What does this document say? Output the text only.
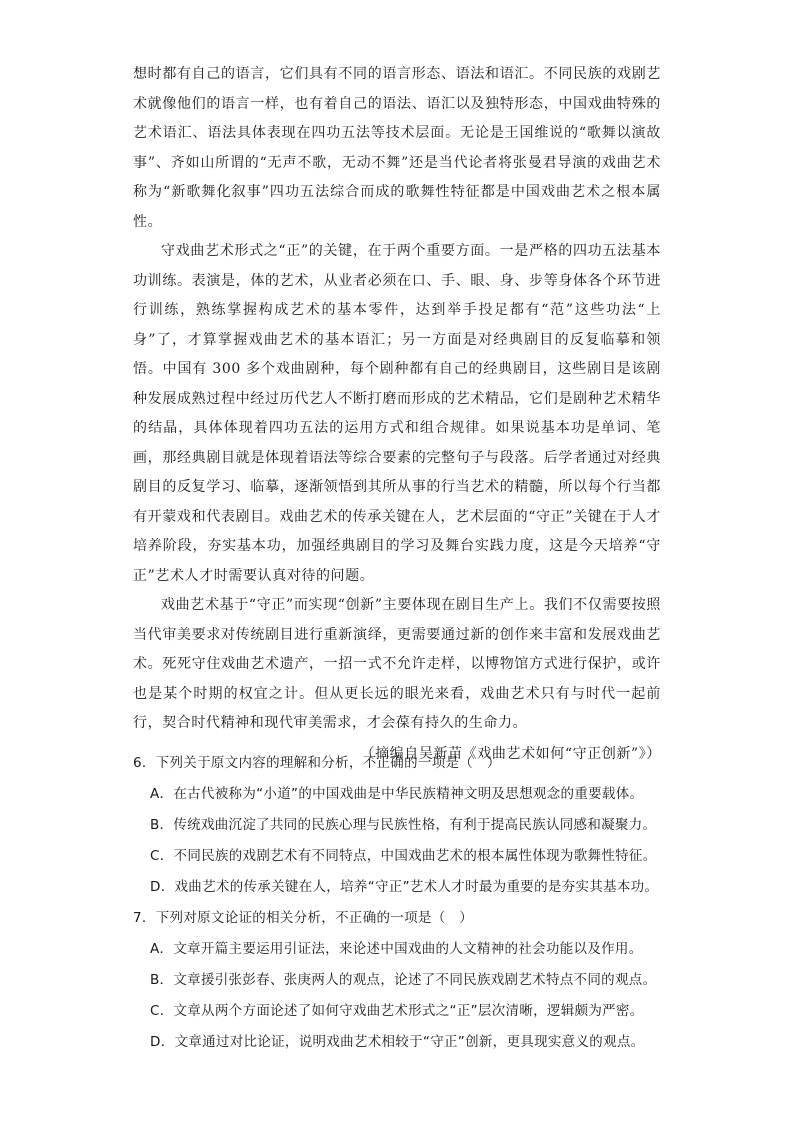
想时都有自己的语言，它们具有不同的语言形态、语法和语汇。不同民族的戏剧艺术就像他们的语言一样，也有着自己的语法、语汇以及独特形态，中国戏曲特殊的艺术语汇、语法具体表现在四功五法等技术层面。无论是王国维说的“歌舞以演故事”、齐如山所谓的“无声不歌，无动不舞”还是当代论者将张曼君导演的戏曲艺术称为“新歌舞化叙事”四功五法综合而成的歌舞性特征都是中国戏曲艺术之根本属性。

守戏曲艺术形式之“正”的关键，在于两个重要方面。一是严格的四功五法基本功训练。表演是，体的艺术，从业者必须在口、手、眼、身、步等身体各个环节进行训练，熟练掌握构成艺术的基本零件，达到举手投足都有“范”这些功法“上身”了，才算掌握戏曲艺术的基本语汇；另一方面是对经典剧目的反复临摹和领悟。中国有 300 多个戏曲剧种，每个剧种都有自己的经典剧目，这些剧目是该剧种发展成熟过程中经过历代艺人不断打磨而形成的艺术精品，它们是剧种艺术精华的结晶，具体体现着四功五法的运用方式和组合规律。如果说基本功是单词、笔画，那经典剧目就是体现着语法等综合要素的完整句子与段落。后学者通过对经典剧目的反复学习、临摹，逐渐领悟到其所从事的行当艺术的精髓，所以每个行当都有开蒙戏和代表剧目。戏曲艺术的传承关键在人，艺术层面的“守正”关键在于人才培养阶段，夯实基本功，加强经典剧目的学习及舞台实践力度，这是今天培养“守正”艺术人才时需要认真对待的问题。

戏曲艺术基于“守正”而实现“创新”主要体现在剧目生产上。我们不仅需要按照当代审美要求对传统剧目进行重新演绎，更需要通过新的创作来丰富和发展戏曲艺术。死死守住戏曲艺术遗产，一招一式不允许走样，以博物馆方式进行保护，或许也是某个时期的权宜之计。但从更长远的眼光来看，戏曲艺术只有与时代一起前行，契合时代精神和现代审美需求，才会葆有持久的生命力。

（摘编自吴新苗《戏曲艺术如何“守正创新”》）

6．下列关于原文内容的理解和分析，不正确的一项是（　）

A．在古代被称为“小道”的中国戏曲是中华民族精神文明及思想观念的重要载体。

B．传统戏曲沉淀了共同的民族心理与民族性格，有利于提高民族认同感和凝聚力。

C．不同民族的戏剧艺术有不同特点，中国戏曲艺术的根本属性体现为歌舞性特征。

D．戏曲艺术的传承关键在人，培养“守正”艺术人才时最为重要的是夯实其基本功。

7．下列对原文论证的相关分析，不正确的一项是（　）

A．文章开篇主要运用引证法，来论述中国戏曲的人文精神的社会功能以及作用。

B．文章援引张彭春、张庚两人的观点，论述了不同民族戏剧艺术特点不同的观点。

C．文章从两个方面论述了如何守戏曲艺术形式之“正”层次清晰，逻辑颇为严密。

D．文章通过对比论证，说明戏曲艺术相较于“守正”创新，更具现实意义的观点。
